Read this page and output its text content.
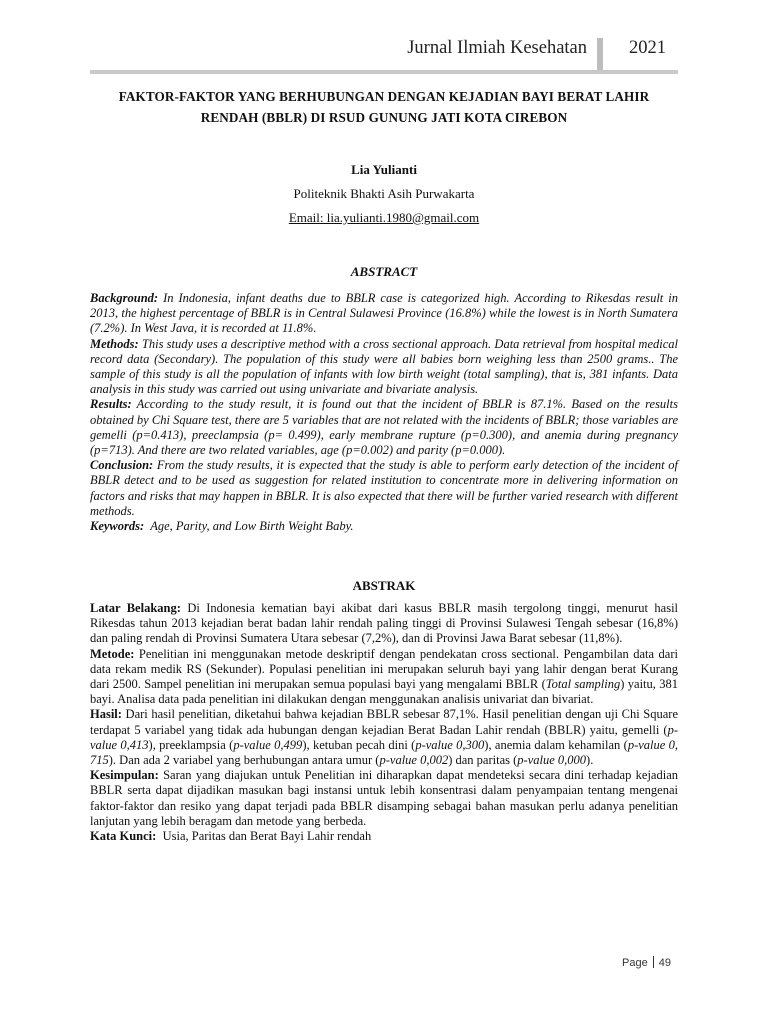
Jurnal Ilmiah Kesehatan 2021
FAKTOR-FAKTOR YANG BERHUBUNGAN DENGAN KEJADIAN BAYI BERAT LAHIR RENDAH (BBLR) DI RSUD GUNUNG JATI KOTA CIREBON
Lia Yulianti
Politeknik Bhakti Asih Purwakarta
Email: lia.yulianti.1980@gmail.com
ABSTRACT

Background: In Indonesia, infant deaths due to BBLR case is categorized high. According to Rikesdas result in 2013, the highest percentage of BBLR is in Central Sulawesi Province (16.8%) while the lowest is in North Sumatera (7.2%). In West Java, it is recorded at 11.8%.

Methods: This study uses a descriptive method with a cross sectional approach. Data retrieval from hospital medical record data (Secondary). The population of this study were all babies born weighing less than 2500 grams.. The sample of this study is all the population of infants with low birth weight (total sampling), that is, 381 infants. Data analysis in this study was carried out using univariate and bivariate analysis.

Results: According to the study result, it is found out that the incident of BBLR is 87.1%. Based on the results obtained by Chi Square test, there are 5 variables that are not related with the incidents of BBLR; those variables are gemelli (p=0.413), preeclampsia (p= 0.499), early membrane rupture (p=0.300), and anemia during pregnancy (p=713). And there are two related variables, age (p=0.002) and parity (p=0.000).

Conclusion: From the study results, it is expected that the study is able to perform early detection of the incident of BBLR detect and to be used as suggestion for related institution to concentrate more in delivering information on factors and risks that may happen in BBLR. It is also expected that there will be further varied research with different methods.

Keywords: Age, Parity, and Low Birth Weight Baby.

ABSTRAK

Latar Belakang: Di Indonesia kematian bayi akibat dari kasus BBLR masih tergolong tinggi, menurut hasil Rikesdas tahun 2013 kejadian berat badan lahir rendah paling tinggi di Provinsi Sulawesi Tengah sebesar (16,8%) dan paling rendah di Provinsi Sumatera Utara sebesar (7,2%), dan di Provinsi Jawa Barat sebesar (11,8%).

Metode: Penelitian ini menggunakan metode deskriptif dengan pendekatan cross sectional. Pengambilan data dari data rekam medik RS (Sekunder). Populasi penelitian ini merupakan seluruh bayi yang lahir dengan berat Kurang dari 2500. Sampel penelitian ini merupakan semua populasi bayi yang mengalami BBLR (Total sampling) yaitu, 381 bayi. Analisa data pada penelitian ini dilakukan dengan menggunakan analisis univariat dan bivariat.

Hasil: Dari hasil penelitian, diketahui bahwa kejadian BBLR sebesar 87,1%. Hasil penelitian dengan uji Chi Square terdapat 5 variabel yang tidak ada hubungan dengan kejadian Berat Badan Lahir rendah (BBLR) yaitu, gemelli (p-value 0,413), preeklampsia (p-value 0,499), ketuban pecah dini (p-value 0,300), anemia dalam kehamilan (p-value 0, 715). Dan ada 2 variabel yang berhubungan antara umur (p-value 0,002) dan paritas (p-value 0,000).

Kesimpulan: Saran yang diajukan untuk Penelitian ini diharapkan dapat mendeteksi secara dini terhadap kejadian BBLR serta dapat dijadikan masukan bagi instansi untuk lebih konsentrasi dalam penyampaian tentang mengenai faktor-faktor dan resiko yang dapat terjadi pada BBLR disamping sebagai bahan masukan perlu adanya penelitian lanjutan yang lebih beragam dan metode yang berbeda.

Kata Kunci: Usia, Paritas dan Berat Bayi Lahir rendah

Page 49
